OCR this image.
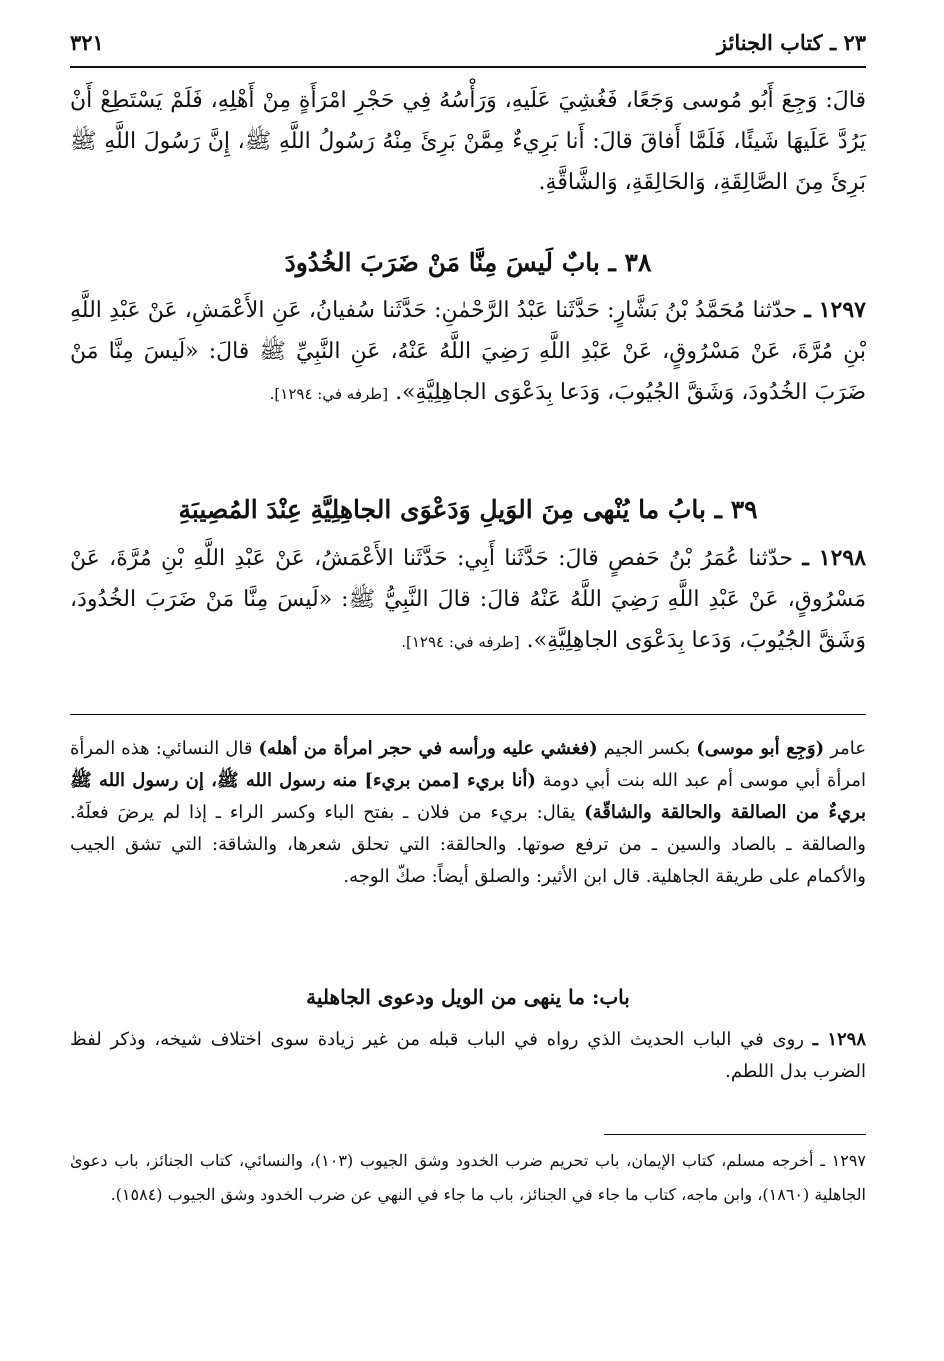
٢٣ ـ كتاب الجنائز
٣٢١
قالَ: وَجِعَ أَبُو مُوسى وَجَعًا، فَغُشِيَ عَلَيهِ، وَرَأْسُهُ فِي حَجْرِ امْرَأَةٍ مِنْ أَهْلِهِ، فَلَمْ يَسْتَطِعْ أَنْ يَرُدَّ عَلَيهَا شَيئًا، فَلَمَّا أَفاقَ قالَ: أَنا بَرِيءٌ مِمَّنْ بَرِئَ مِنْهُ رَسُولُ اللَّهِ ﷺ، إِنَّ رَسُولَ اللَّهِ ﷺ بَرِئَ مِنَ الصَّالِقَةِ، وَالحَالِقَةِ، وَالشَّاقَّةِ.
٣٨ ـ بابٌ لَيسَ مِنَّا مَنْ ضَرَبَ الخُدُودَ
١٢٩٧ ـ حدّثنا مُحَمَّدُ بْنُ بَشَّارٍ: حَدَّثَنا عَبْدُ الرَّحْمٰنِ: حَدَّثَنا سُفيانُ، عَنِ الأَعْمَشِ، عَنْ عَبْدِ اللَّهِ بْنِ مُرَّةَ، عَنْ مَسْرُوقٍ، عَنْ عَبْدِ اللَّهِ رَضِيَ اللَّهُ عَنْهُ، عَنِ النَّبِيِّ ﷺ قالَ: «لَيسَ مِنَّا مَنْ ضَرَبَ الخُدُودَ، وَشَقَّ الجُيُوبَ، وَدَعا بِدَعْوَى الجاهِلِيَّةِ». [طرفه في: ١٢٩٤].
٣٩ ـ بابُ ما يُنْهى مِنَ الوَيلِ وَدَعْوَى الجاهِلِيَّةِ عِنْدَ المُصِيبَةِ
١٢٩٨ ـ حدّثنا عُمَرُ بْنُ حَفصٍ قالَ: حَدَّثَنا أَبِي: حَدَّثَنا الأَعْمَشُ، عَنْ عَبْدِ اللَّهِ بْنِ مُرَّةَ، عَنْ مَسْرُوقٍ، عَنْ عَبْدِ اللَّهِ رَضِيَ اللَّهُ عَنْهُ قالَ: قالَ النَّبِيُّ ﷺ: «لَيسَ مِنَّا مَنْ ضَرَبَ الخُدُودَ، وَشَقَّ الجُيُوبَ، وَدَعا بِدَعْوَى الجاهِلِيَّةِ». [طرفه في: ١٢٩٤].
عامر (وَجِع أبو موسى) بكسر الجيم (فغشي عليه ورأسه في حجر امرأة من أهله) قال النسائي: هذه المرأة امرأة أبي موسى أم عبد الله بنت أبي دومة (أنا بريء [ممن بريء] منه رسول الله ﷺ، إن رسول الله ﷺ بريءٌ من الصالقة والحالقة والشاقّة) يقال: بريء من فلان ـ بفتح الباء وكسر الراء ـ إذا لم يرضَ فعلَهُ. والصالقة ـ بالصاد والسين ـ من ترفع صوتها. والحالقة: التي تحلق شعرها، والشاقة: التي تشق الجيب والأكمام على طريقة الجاهلية. قال ابن الأثير: والصلق أيضاً: صكّ الوجه.
باب: ما ينهى من الويل ودعوى الجاهلية
١٢٩٨ ـ روى في الباب الحديث الذي رواه في الباب قبله من غير زيادة سوى اختلاف شيخه، وذكر لفظ الضرب بدل اللطم.
١٢٩٧ ـ أخرجه مسلم، كتاب الإيمان، باب تحريم ضرب الخدود وشق الجيوب (١٠٣)، والنسائي، كتاب الجنائز، باب دعوىٰ الجاهلية (١٨٦٠)، وابن ماجه، كتاب ما جاء في الجنائز، باب ما جاء في النهي عن ضرب الخدود وشق الجيوب (١٥٨٤).
